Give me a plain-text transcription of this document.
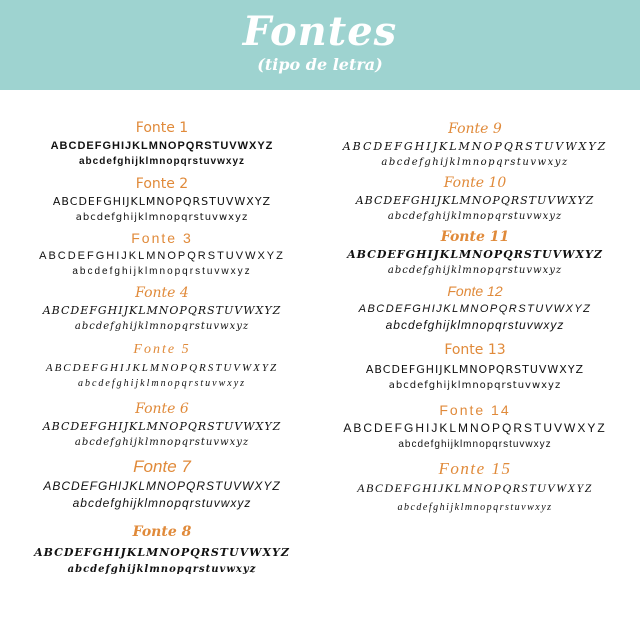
Fontes
(tipo de letra)
Fonte 1
ABCDEFGHIJKLMNOPQRSTUVWXYZ
abcdefghijklmnopqrstuvwxyz
Fonte 2
ABCDEFGHIJKLMNOPQRSTUVWXYZ
abcdefghijklmnopqrstuvwxyz
Fonte 3
ABCDEFGHIJKLMNOPQRSTUVWXYZ
abcdefghijklmnopqrstuvwxyz
Fonte 4
ABCDEFGHIJKLMNOPQRSTUVWXYZ
abcdefghijklmnopqrstuvwxyz
Fonte 5
ABCDEFGHIJKLMNOPQRSTUVWXYZ
abcdefghijklmnopqrstuvwxyz
Fonte 6
ABCDEFGHIJKLMNOPQRSTUVWXYZ
abcdefghijklmnopqrstuvwxyz
Fonte 7
ABCDEFGHIJKLMNOPQRSTUVWXYZ
abcdefghijklmnopqrstuvwxyz
Fonte 8
ABCDEFGHIJKLMNOPQRSTUVWXYZ
abcdefghijklmnopqrstuvwxyz
Fonte 9
ABCDEFGHIJKLMNOPQRSTUVWXYZ
abcdefghijklmnopqrstuvwxyz
Fonte 10
ABCDEFGHIJKLMNOPQRSTUVWXYZ
abcdefghijklmnopqrstuvwxyz
Fonte 11
ABCDEFGHIJKLMNOPQRSTUVWXYZ
abcdefghijklmnopqrstuvwxyz
Fonte 12
ABCDEFGHIJKLMNOPQRSTUVWXYZ
abcdefghijklmnopqrstuvwxyz
Fonte 13
ABCDEFGHIJKLMNOPQRSTUVWXYZ
abcdefghijklmnopqrstuvwxyz
Fonte 14
ABCDEFGHIJKLMNOPQRSTUVWXYZ
abcdefghijklmnopqrstuvwxyz
Fonte 15
ABCDEFGHIJKLMNOPQRSTUVWXYZ
abcdefghijklmnopqrstuvwxyz
